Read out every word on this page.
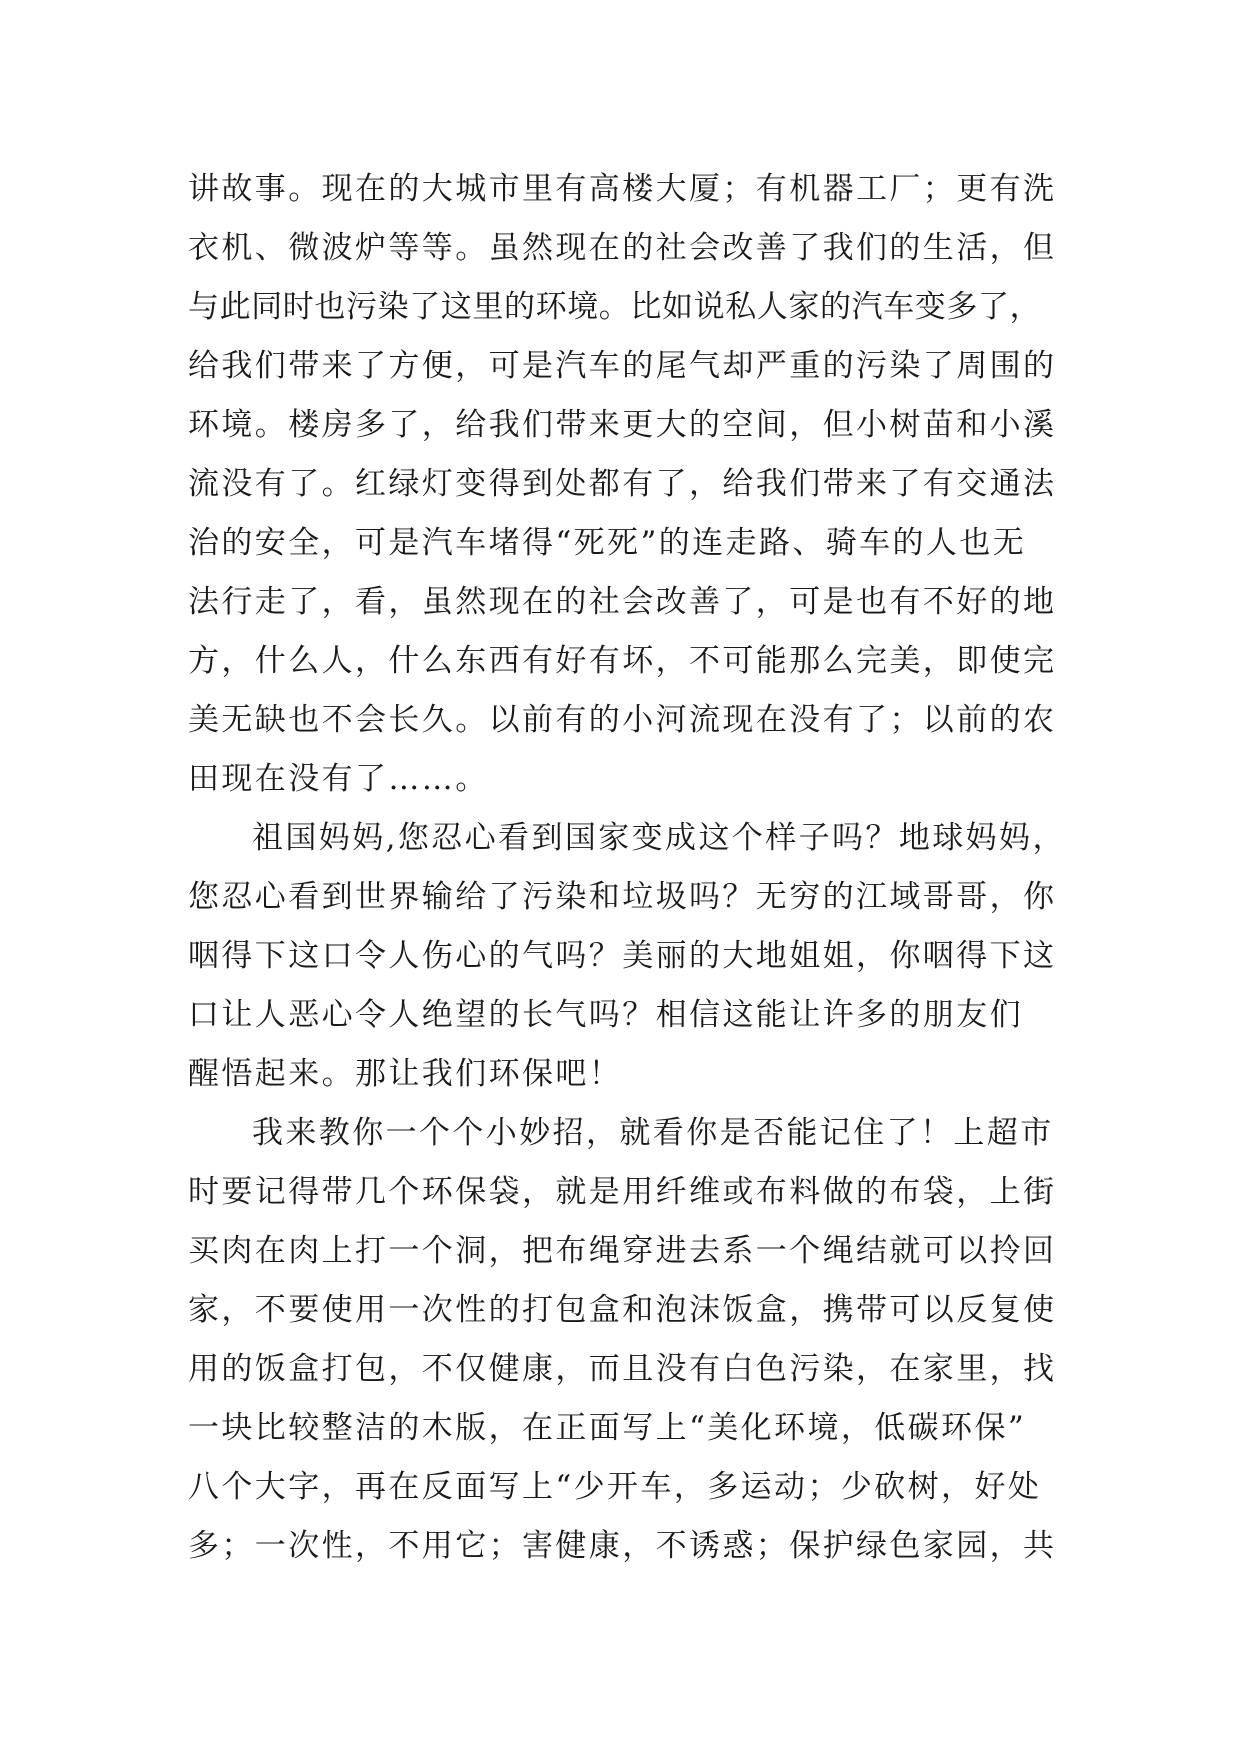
讲故事。现在的大城市里有高楼大厦；有机器工厂；更有洗
衣机、微波炉等等。虽然现在的社会改善了我们的生活，但
与此同时也污染了这里的环境。比如说私人家的汽车变多了，
给我们带来了方便，可是汽车的尾气却严重的污染了周围的
环境。楼房多了，给我们带来更大的空间，但小树苗和小溪
流没有了。红绿灯变得到处都有了，给我们带来了有交通法
治的安全，可是汽车堵得“死死”的连走路、骑车的人也无
法行走了，看，虽然现在的社会改善了，可是也有不好的地
方，什么人，什么东西有好有坏，不可能那么完美，即使完
美无缺也不会长久。以前有的小河流现在没有了；以前的农
田现在没有了……。
祖国妈妈,您忍心看到国家变成这个样子吗？地球妈妈，
您忍心看到世界输给了污染和垃圾吗？无穷的江域哥哥，你
咽得下这口令人伤心的气吗？美丽的大地姐姐，你咽得下这
口让人恶心令人绝望的长气吗？相信这能让许多的朋友们
醒悟起来。那让我们环保吧！
我来教你一个个小妙招，就看你是否能记住了！上超市
时要记得带几个环保袋，就是用纤维或布料做的布袋，上街
买肉在肉上打一个洞，把布绳穿进去系一个绳结就可以拎回
家，不要使用一次性的打包盒和泡沫饭盒，携带可以反复使
用的饭盒打包，不仅健康，而且没有白色污染，在家里，找
一块比较整洁的木版，在正面写上“美化环境，低碳环保”
八个大字，再在反面写上“少开车，多运动；少砍树，好处
多；一次性，不用它；害健康，不诱惑；保护绿色家园，共
